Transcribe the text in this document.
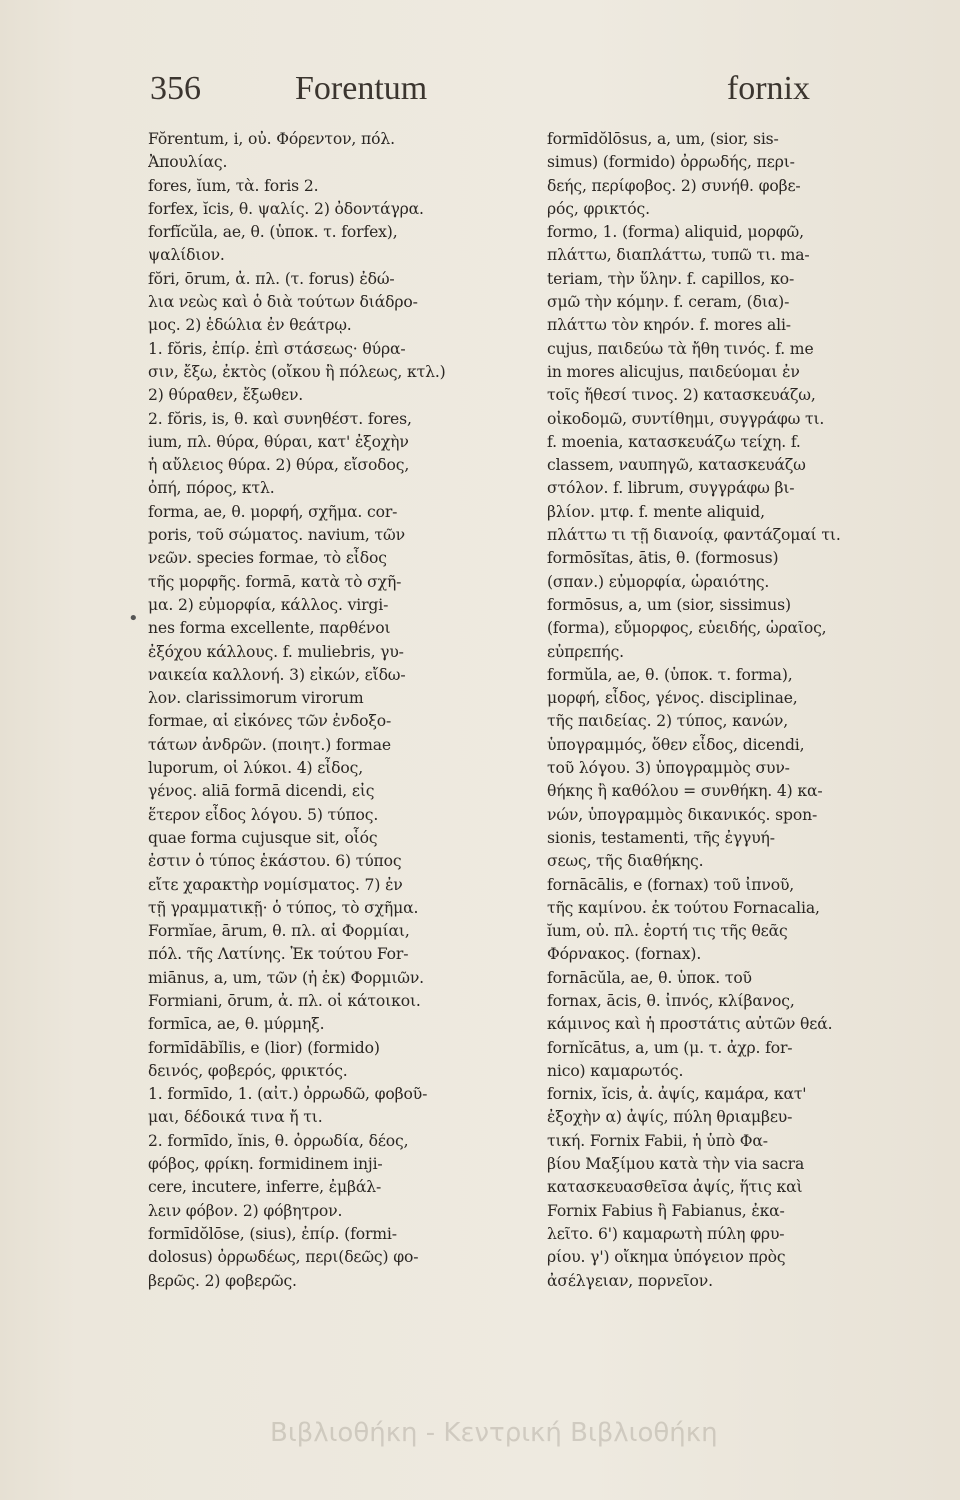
356	Forentum	fornix
•
Fŏrentum, i, οὐ. Φόρεντον, πόλ.
Ἀπουλίας.
fores, ĭum, τὰ. foris 2.
forfex, ĭcis, θ. ψαλίς. 2) ὀδοντάγρα.
forfĭcŭla, ae, θ. (ὑποκ. τ. forfex),
ψαλίδιον.
fŏri, ōrum, ἀ. πλ. (τ. forus) ἐδώ-
λια νεὼς καὶ ὁ διὰ τούτων διάδρο-
μος. 2) ἑδώλια ἐν θεάτρῳ.
1. fŏris, ἐπίρ. ἐπὶ στάσεως· θύρα-
σιν, ἔξω, ἐκτὸς (οἴκου ἢ πόλεως, κτλ.)
2) θύραθεν, ἔξωθεν.
2. fŏris, is, θ. καὶ συνηθέστ. fores,
ium, πλ. θύρα, θύραι, κατ' ἐξοχὴν
ἡ αὔλειος θύρα. 2) θύρα, εἴσοδος,
ὀπή, πόρος, κτλ.
forma, ae, θ. μορφή, σχῆμα. cor-
poris, τοῦ σώματος. navium, τῶν
νεῶν. species formae, τὸ εἶδος
τῆς μορφῆς. formā, κατὰ τὸ σχῆ-
μα. 2) εὐμορφία, κάλλος. virgi-
nes forma excellente, παρθένοι
ἐξόχου κάλλους. f. muliebris, γυ-
ναικεία καλλονή. 3) εἰκών, εἴδω-
λον. clarissimorum virorum
formae, αἱ εἰκόνες τῶν ἐνδοξο-
τάτων ἀνδρῶν. (ποιητ.) formae
luporum, οἱ λύκοι. 4) εἶδος,
γένος. aliā formā dicendi, εἰς
ἕτερον εἶδος λόγου. 5) τύπος.
quae forma cujusque sit, οἷός
ἐστιν ὁ τύπος ἑκάστου. 6) τύπος
εἴτε χαρακτὴρ νομίσματος. 7) ἐν
τῇ γραμματικῇ· ὁ τύπος, τὸ σχῆμα.
Formĭae, ārum, θ. πλ. αἱ Φορμίαι,
πόλ. τῆς Λατίνης. Ἐκ τούτου For-
miānus, a, um, τῶν (ἡ ἐκ) Φορμιῶν.
Formiani, ōrum, ἀ. πλ. οἱ κάτοικοι.
formīca, ae, θ. μύρμηξ.
formīdābĭlis, e (lior) (formido)
δεινός, φοβερός, φρικτός.
1. formīdo, 1. (αἰτ.) ὀρρωδῶ, φοβοῦ-
μαι, δέδοικά τινα ἤ τι.
2. formīdo, ĭnis, θ. ὀρρωδία, δέος,
φόβος, φρίκη. formidinem inji-
cere, incutere, inferre, ἐμβάλ-
λειν φόβον. 2) φόβητρον.
formīdŏlōse, (sius), ἐπίρ. (formi-
dolosus) ὀρρωδέως, περι(δεῶς) φο-
βερῶς. 2) φοβερῶς.
formīdŏlōsus, a, um, (sior, sis-
simus) (formido) ὀρρωδής, περι-
δεής, περίφοβος. 2) συνήθ. φοβε-
ρός, φρικτός.
formo, 1. (forma) aliquid, μορφῶ,
πλάττω, διαπλάττω, τυπῶ τι. ma-
teriam, τὴν ὕλην. f. capillos, κο-
σμῶ τὴν κόμην. f. ceram, (δια)-
πλάττω τὸν κηρόν. f. mores ali-
cujus, παιδεύω τὰ ἤθη τινός. f. me
in mores alicujus, παιδεύομαι ἐν
τοῖς ἤθεσί τινος. 2) κατασκευάζω,
οἰκοδομῶ, συντίθημι, συγγράφω τι.
f. moenia, κατασκευάζω τείχη. f.
classem, ναυπηγῶ, κατασκευάζω
στόλον. f. librum, συγγράφω βι-
βλίον. μτφ. f. mente aliquid,
πλάττω τι τῇ διανοίᾳ, φαντάζομαί τι.
formōsĭtas, ātis, θ. (formosus)
(σπαν.) εὐμορφία, ὡραιότης.
formōsus, a, um (sior, sissimus)
(forma), εὔμορφος, εὐειδής, ὡραῖος,
εὐπρεπής.
formŭla, ae, θ. (ὑποκ. τ. forma),
μορφή, εἶδος, γένος. disciplinae,
τῆς παιδείας. 2) τύπος, κανών,
ὑπογραμμός, ὅθεν εἶδος, dicendi,
τοῦ λόγου. 3) ὑπογραμμὸς συν-
θήκης ἢ καθόλου = συνθήκη. 4) κα-
νών, ὑπογραμμὸς δικανικός. spon-
sionis, testamenti, τῆς ἐγγυή-
σεως, τῆς διαθήκης.
fornācālis, e (fornax) τοῦ ἰπνοῦ,
τῆς καμίνου. ἐκ τούτου Fornacalia,
ĭum, οὐ. πλ. ἑορτή τις τῆς θεᾶς
Φόρνακος. (fornax).
fornācŭla, ae, θ. ὑποκ. τοῦ
fornax, ācis, θ. ἰπνός, κλίβανος,
κάμινος καὶ ἡ προστάτις αὐτῶν θεά.
fornĭcātus, a, um (μ. τ. ἀχρ. for-
nico) καμαρωτός.
fornix, ĭcis, ἀ. ἀψίς, καμάρα, κατ'
ἐξοχὴν α) ἀψίς, πύλη θριαμβευ-
τική. Fornix Fabii, ἡ ὑπὸ Φα-
βίου Μαξίμου κατὰ τὴν via sacra
κατασκευασθεῖσα ἀψίς, ἥτις καὶ
Fornix Fabius ἢ Fabianus, ἐκα-
λεῖτο. 6') καμαρωτὴ πύλη φρυ-
ρίου. γ') οἴκημα ὑπόγειον πρὸς
ἀσέλγειαν, πορνεῖον.
Βιβλιοθήκη - Κεντρική Βιβλιοθήκη
